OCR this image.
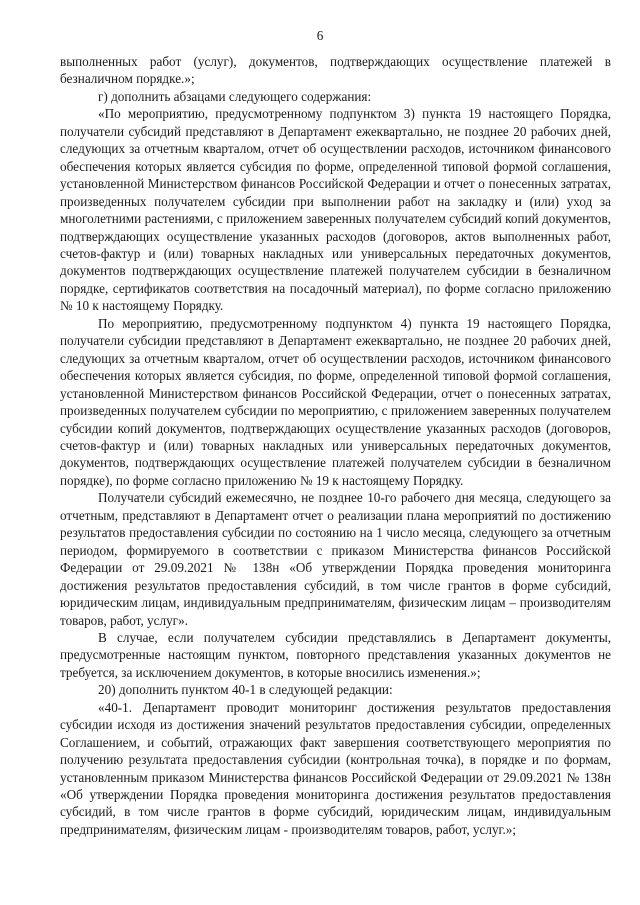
6

выполненных работ (услуг), документов, подтверждающих осуществление платежей в безналичном порядке.»;

г) дополнить абзацами следующего содержания:

«По мероприятию, предусмотренному подпунктом 3) пункта 19 настоящего Порядка, получатели субсидий представляют в Департамент ежеквартально, не позднее 20 рабочих дней, следующих за отчетным кварталом, отчет об осуществлении расходов, источником финансового обеспечения которых является субсидия по форме, определенной типовой формой соглашения, установленной Министерством финансов Российской Федерации и отчет о понесенных затратах, произведенных получателем субсидии при выполнении работ на закладку и (или) уход за многолетними растениями, с приложением заверенных получателем субсидий копий документов, подтверждающих осуществление указанных расходов (договоров, актов выполненных работ, счетов-фактур и (или) товарных накладных или универсальных передаточных документов, документов подтверждающих осуществление платежей получателем субсидии в безналичном порядке, сертификатов соответствия на посадочный материал), по форме согласно приложению № 10 к настоящему Порядку.

По мероприятию, предусмотренному подпунктом 4) пункта 19 настоящего Порядка, получатели субсидии представляют в Департамент ежеквартально, не позднее 20 рабочих дней, следующих за отчетным кварталом, отчет об осуществлении расходов, источником финансового обеспечения которых является субсидия, по форме, определенной типовой формой соглашения, установленной Министерством финансов Российской Федерации, отчет о понесенных затратах, произведенных получателем субсидии по мероприятию, с приложением заверенных получателем субсидии копий документов, подтверждающих осуществление указанных расходов (договоров, счетов-фактур и (или) товарных накладных или универсальных передаточных документов, документов, подтверждающих осуществление платежей получателем субсидии в безналичном порядке), по форме согласно приложению № 19 к настоящему Порядку.

Получатели субсидий ежемесячно, не позднее 10-го рабочего дня месяца, следующего за отчетным, представляют в Департамент отчет о реализации плана мероприятий по достижению результатов предоставления субсидии по состоянию на 1 число месяца, следующего за отчетным периодом, формируемого в соответствии с приказом Министерства финансов Российской Федерации от 29.09.2021 № 138н «Об утверждении Порядка проведения мониторинга достижения результатов предоставления субсидий, в том числе грантов в форме субсидий, юридическим лицам, индивидуальным предпринимателям, физическим лицам – производителям товаров, работ, услуг».

В случае, если получателем субсидии представлялись в Департамент документы, предусмотренные настоящим пунктом, повторного представления указанных документов не требуется, за исключением документов, в которые вносились изменения.»;

20) дополнить пунктом 40-1 в следующей редакции:

«40-1. Департамент проводит мониторинг достижения результатов предоставления субсидии исходя из достижения значений результатов предоставления субсидии, определенных Соглашением, и событий, отражающих факт завершения соответствующего мероприятия по получению результата предоставления субсидии (контрольная точка), в порядке и по формам, установленным приказом Министерства финансов Российской Федерации от 29.09.2021 № 138н «Об утверждении Порядка проведения мониторинга достижения результатов предоставления субсидий, в том числе грантов в форме субсидий, юридическим лицам, индивидуальным предпринимателям, физическим лицам - производителям товаров, работ, услуг.»;
